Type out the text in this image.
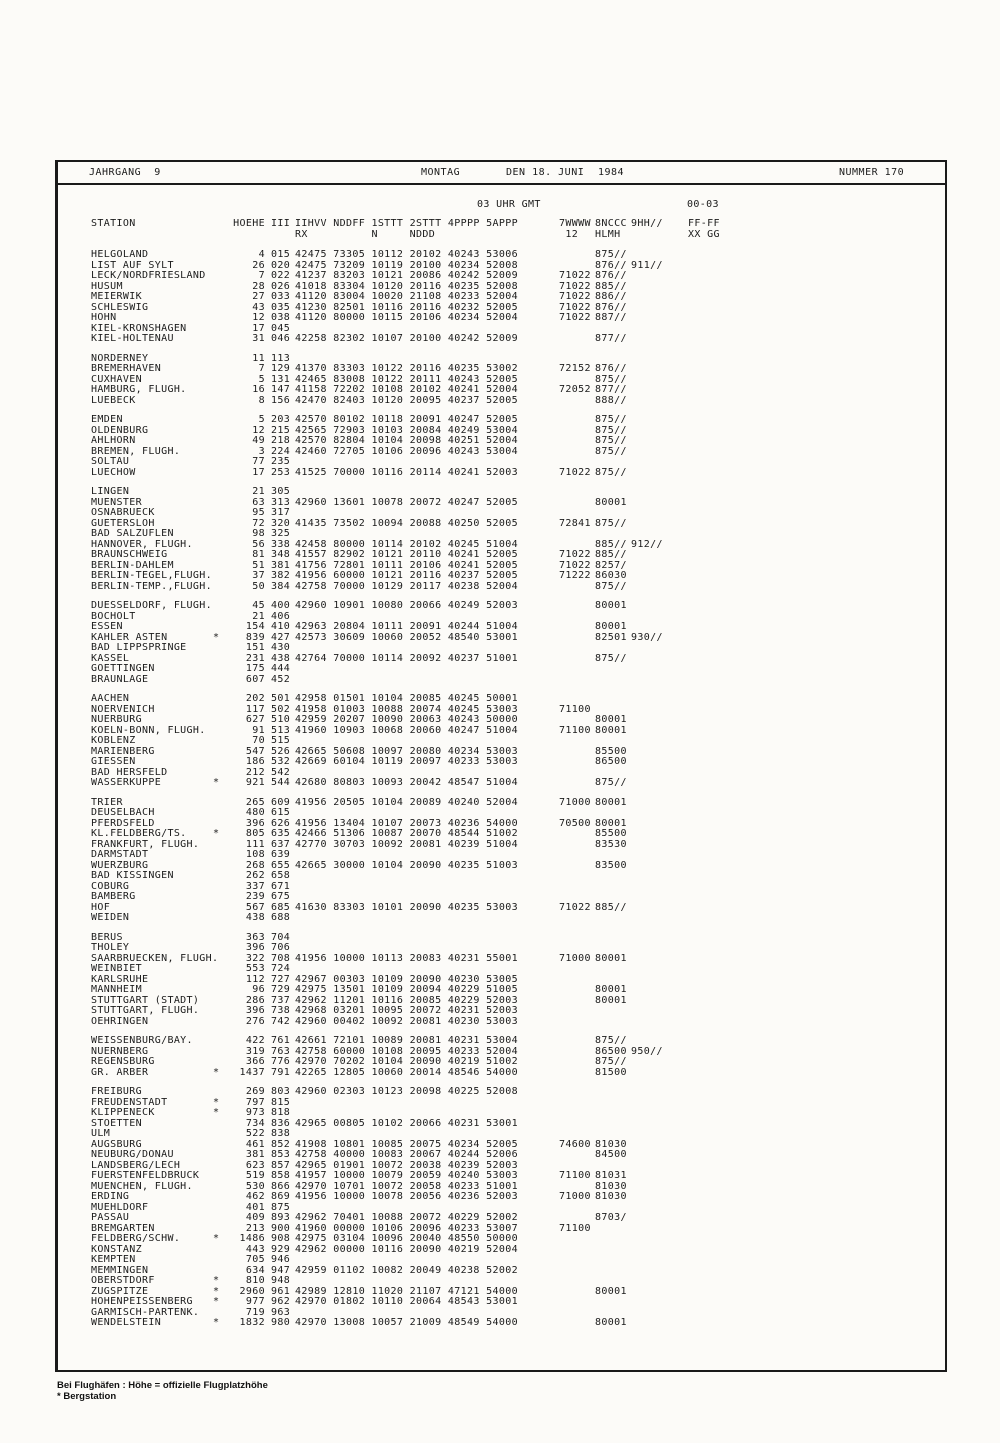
JAHRGANG  9	MONTAG	DEN 18. JUNI 1984	NUMMER 170
03 UHR GMT	00-03
STATION	HOEHE III IIHVV NDDFF 1STTT 2STTT 4PPPP 5APPP	7WWWW 8NCCC 9HH//	FF-FF
RX          N     NDDD	12	HLMH	XX GG
HELGOLAND	4 015 42475 73305 10112 20102 40243 53006	875//
LIST AUF SYLT	26 020 42475 73209 10119 20100 40234 52008	876// 911//
LECK/NORDFRIESLAND	7 022 41237 83203 10121 20086 40242 52009	71022 876//
HUSUM	28 026 41018 83304 10120 20116 40235 52008	71022 885//
MEIERWIK	27 033 41120 83004 10020 21108 40233 52004	71022 886//
SCHLESWIG	43 035 41230 82501 10116 20116 40232 52005	71022 876//
HOHN	12 038 41120 80000 10115 20106 40234 52004	71022 887//
KIEL-KRONSHAGEN	17 045
KIEL-HOLTENAU	31 046 42258 82302 10107 20100 40242 52009	877//
NORDERNEY	11 113
BREMERHAVEN	7 129 41370 83303 10122 20116 40235 53002	72152 876//
CUXHAVEN	5 131 42465 83008 10122 20111 40243 52005	875//
HAMBURG, FLUGH.	16 147 41158 72202 10108 20102 40241 52004	72052 877//
LUEBECK	8 156 42470 82403 10120 20095 40237 52005	888//
EMDEN	5 203 42570 80102 10118 20091 40247 52005	875//
OLDENBURG	12 215 42565 72903 10103 20084 40249 53004	875//
AHLHORN	49 218 42570 82804 10104 20098 40251 52004	875//
BREMEN, FLUGH.	3 224 42460 72705 10106 20096 40243 53004	875//
SOLTAU	77 235
LUECHOW	17 253 41525 70000 10116 20114 40241 52003	71022 875//
LINGEN	21 305
MUENSTER	63 313 42960 13601 10078 20072 40247 52005	80001
OSNABRUECK	95 317
GUETERSLOH	72 320 41435 73502 10094 20088 40250 52005	72841 875//
BAD SALZUFLEN	98 325
HANNOVER, FLUGH.	56 338 42458 80000 10114 20102 40245 51004	885// 912//
BRAUNSCHWEIG	81 348 41557 82902 10121 20110 40241 52005	71022 885//
BERLIN-DAHLEM	51 381 41756 72801 10111 20106 40241 52005	71022 8257/
BERLIN-TEGEL,FLUGH.	37 382 41956 60000 10121 20116 40237 52005	71222 86030
BERLIN-TEMP.,FLUGH.	50 384 42758 70000 10129 20117 40238 52004	875//
DUESSELDORF, FLUGH.	45 400 42960 10901 10080 20066 40249 52003	80001
BOCHOLT	21 406
ESSEN	154 410 42963 20804 10111 20091 40244 51004	80001
KAHLER ASTEN	*	839 427 42573 30609 10060 20052 48540 53001	82501 930//
BAD LIPPSPRINGE	151 430
KASSEL	231 438 42764 70000 10114 20092 40237 51001	875//
GOETTINGEN	175 444
BRAUNLAGE	607 452
AACHEN	202 501 42958 01501 10104 20085 40245 50001
NOERVENICH	117 502 41958 01003 10088 20074 40245 53003	71100
NUERBURG	627 510 42959 20207 10090 20063 40243 50000	80001
KOELN-BONN, FLUGH.	91 513 41960 10903 10068 20060 40247 51004	71100 80001
KOBLENZ	70 515
MARIENBERG	547 526 42665 50608 10097 20080 40234 53003	85500
GIESSEN	186 532 42669 60104 10119 20097 40233 53003	86500
BAD HERSFELD	212 542
WASSERKUPPE	*	921 544 42680 80803 10093 20042 48547 51004	875//
TRIER	265 609 41956 20505 10104 20089 40240 52004	71000 80001
DEUSELBACH	480 615
PFERDSFELD	396 626 41956 13404 10107 20073 40236 54000	70500 80001
KL.FELDBERG/TS.	*	805 635 42466 51306 10087 20070 48544 51002	85500
FRANKFURT, FLUGH.	111 637 42770 30703 10092 20081 40239 51004	83530
DARMSTADT	108 639
WUERZBURG	268 655 42665 30000 10104 20090 40235 51003	83500
BAD KISSINGEN	262 658
COBURG	337 671
BAMBERG	239 675
HOF	567 685 41630 83303 10101 20090 40235 53003	71022 885//
WEIDEN	438 688
BERUS	363 704
THOLEY	396 706
SAARBRUECKEN, FLUGH.	322 708 41956 10000 10113 20083 40231 55001	71000 80001
WEINBIET	553 724
KARLSRUHE	112 727 42967 00303 10109 20090 40230 53005
MANNHEIM	96 729 42975 13501 10109 20094 40229 51005	80001
STUTTGART (STADT)	286 737 42962 11201 10116 20085 40229 52003	80001
STUTTGART, FLUGH.	396 738 42968 03201 10095 20072 40231 52003
OEHRINGEN	276 742 42960 00402 10092 20081 40230 53003
WEISSENBURG/BAY.	422 761 42661 72101 10089 20081 40231 53004	875//
NUERNBERG	319 763 42758 60000 10108 20095 40233 52004	86500 950//
REGENSBURG	366 776 42970 70202 10104 20090 40219 51002	875//
GR. ARBER	*	1437 791 42265 12805 10060 20014 48546 54000	81500
FREIBURG	269 803 42960 02303 10123 20098 40225 52008
FREUDENSTADT	*	797 815
KLIPPENECK	*	973 818
STOETTEN	734 836 42965 00805 10102 20066 40231 53001
ULM	522 838
AUGSBURG	461 852 41908 10801 10085 20075 40234 52005	74600 81030
NEUBURG/DONAU	381 853 42758 40000 10083 20067 40244 52006	84500
LANDSBERG/LECH	623 857 42965 01901 10072 20038 40239 52003
FUERSTENFELDBRUCK	519 858 41957 10000 10079 20059 40240 53003	71100 81031
MUENCHEN, FLUGH.	530 866 42970 10701 10072 20058 40233 51001	81030
ERDING	462 869 41956 10000 10078 20056 40236 52003	71000 81030
MUEHLDORF	401 875
PASSAU	409 893 42962 70401 10088 20072 40229 52002	8703/
BREMGARTEN	213 900 41960 00000 10106 20096 40233 53007	71100
FELDBERG/SCHW.	*	1486 908 42975 03104 10096 20040 48550 50000
KONSTANZ	443 929 42962 00000 10116 20090 40219 52004
KEMPTEN	705 946
MEMMINGEN	634 947 42959 01102 10082 20049 40238 52002
OBERSTDORF	*	810 948
ZUGSPITZE	*	2960 961 42989 12810 11020 21107 47121 54000	80001
HOHENPEISSENBERG	*	977 962 42970 01802 10110 20064 48543 53001
GARMISCH-PARTENK.	719 963
WENDELSTEIN	*	1832 980 42970 13008 10057 21009 48549 54000	80001
Bei Flughäfen : Höhe = offizielle Flugplatzhöhe
* Bergstation
